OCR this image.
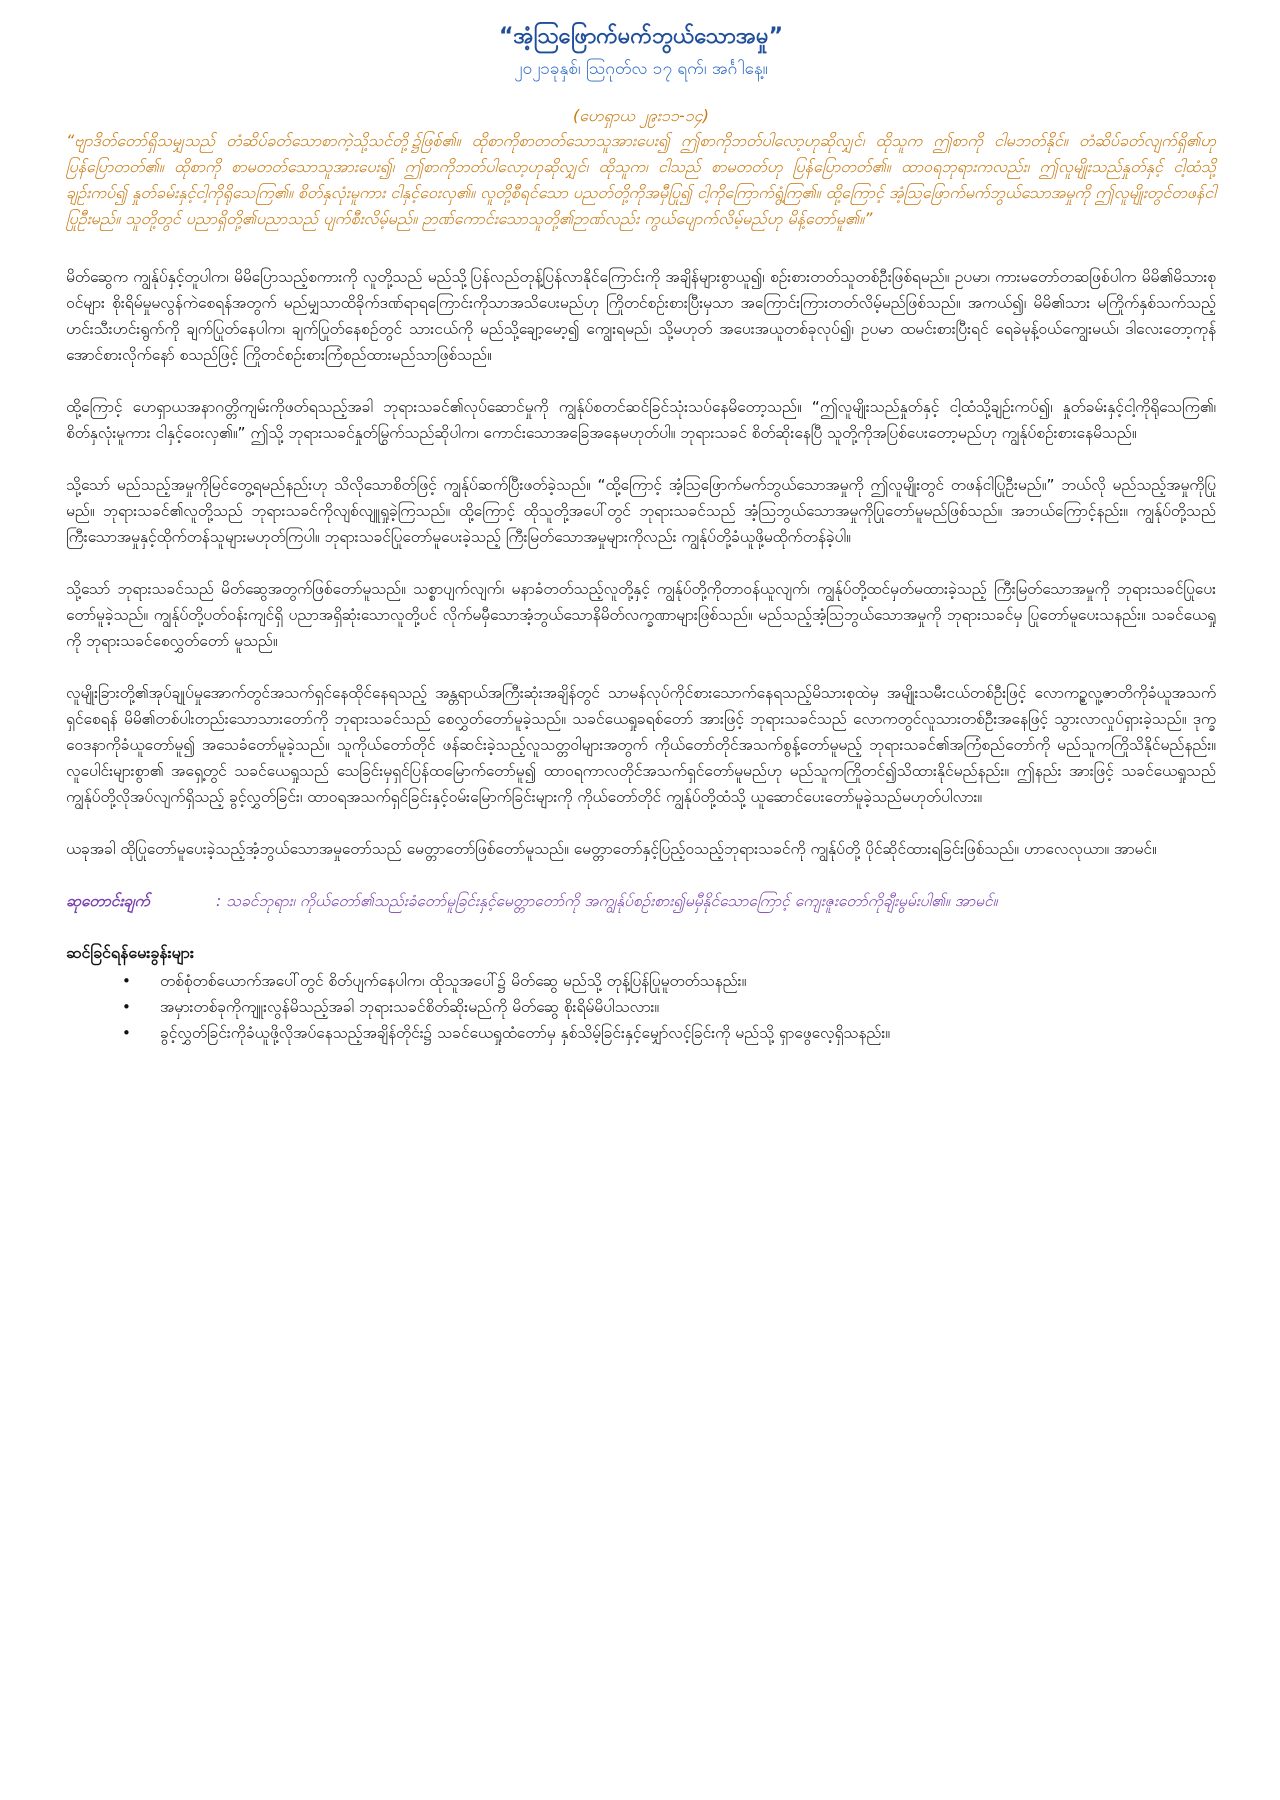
“အံ့သြဖြောက်မက်ဘွယ်သောအမှု”
၂၀၂၁ခုနှစ်၊ ဩဂုတ်လ ၁၇ ရက်၊ အင်္ဂါနေ့။
(ဟေရှာယ ၂၉း၁၁-၁၄)

“ဗျာဒိတ်တော်ရှိသမျှသည် တံဆိပ်ခတ်သောစာကဲ့သို့သင်တို့၌ဖြစ်၏။ ထိုစာကိုစာတတ်သောသူအားပေး၍ ဤစာကိုဘတ်ပါလော့ဟုဆိုလျှင်၊ ထိုသူက ဤစာကို ငါမဘတ်နိုင်။ တံဆိပ်ခတ်လျက်ရှိ၏ဟုပြန်ပြောတတ်၏။ ထိုစာကို စာမတတ်သောသူအားပေး၍၊ ဤစာကိုဘတ်ပါလော့ဟုဆိုလျှင်၊ ထိုသူက၊ ငါသည် စာမတတ်ဟု ပြန်ပြောတတ်၏။ ထာဝရဘုရားကလည်း၊ ဤလူမျိုးသည်နှုတ်နှင့် ငါ့ထံသို့ချဉ်းကပ်၍ နှုတ်ခမ်းနှင့်ငါ့ကိုရိုသေကြ၏။ စိတ်နှလုံးမူကား ငါနှင့်ဝေးလှ၏။ လူတို့စီရင်သော ပညတ်တို့ကိုအမှီပြု၍ ငါ့ကိုကြောက်ရွံ့ကြ၏။ ထို့ကြောင့် အံ့သြဖြောက်မက်ဘွယ်သောအမှုကို ဤလူမျိုးတွင်တဖန်ငါပြုဦးမည်။ သူတို့တွင် ပညာရှိတို့၏ပညာသည် ပျက်စီးလိမ့်မည်။ ဉာဏ်ကောင်းသောသူတို့၏ဉာဏ်လည်း ကွယ်ပျောက်လိမ့်မည်ဟု မိန့်တော်မူ၏။”

မိတ်ဆွေက ကျွန်ုပ်နှင့်တူပါက၊ မိမိပြောသည့်စကားကို လူတို့သည် မည်သို့ပြန်လည်တုန့်ပြန်လာနိုင်ကြောင်းကို အချိန်များစွာယူ၍၊ စဉ်းစားတတ်သူတစ်ဦးဖြစ်ရမည်။ ဥပမာ၊ ကားမတော်တဆဖြစ်ပါက မိမိ၏မိသားစုဝင်များ စိုးရိမ်မှုမလွန်ကဲစေရန်အတွက် မည်မျှသာထိခိုက်ဒဏ်ရာရကြောင်းကိုသာအသိပေးမည်ဟု ကြိုတင်စဉ်းစားပြီးမှသာ အကြောင်းကြားတတ်လိမ့်မည်ဖြစ်သည်။ အကယ်၍၊ မိမိ၏သား မကြိုက်နှစ်သက်သည့်ဟင်းသီးဟင်းရွက်ကို ချက်ပြုတ်နေပါက၊ ချက်ပြုတ်နေစဉ်တွင် သားငယ်ကို မည်သို့ချော့မော့၍ ကျွေးရမည်၊ သို့မဟုတ် အပေးအယူတစ်ခုလုပ်၍၊ ဥပမာ ထမင်းစားပြီးရင် ရေခဲမုန့်ဝယ်ကျွေးမယ်၊ ဒါလေးတော့ကုန်အောင်စားလိုက်နော် စသည်ဖြင့် ကြိုတင်စဉ်းစားကြံစည်ထားမည်သာဖြစ်သည်။

ထို့ကြောင့် ဟေရှာယအနာဂတ္တိကျမ်းကိုဖတ်ရသည့်အခါ ဘုရားသခင်၏လုပ်ဆောင်မှုကို ကျွန်ုပ်စတင်ဆင်ခြင်သုံးသပ်နေမိတော့သည်။ “ဤလူမျိုးသည်နှုတ်နှင့် ငါ့ထံသို့ချဉ်းကပ်၍၊ နှုတ်ခမ်းနှင့်ငါ့ကိုရိုသေကြ၏၊ စိတ်နှလုံးမူကား ငါနှင့်ဝေးလှ၏။” ဤသို့ ဘုရားသခင်နှုတ်မြွက်သည်ဆိုပါက၊ ကောင်းသောအခြေအနေမဟုတ်ပါ။ ဘုရားသခင် စိတ်ဆိုးနေပြီ သူတို့ကိုအပြစ်ပေးတော့မည်ဟု ကျွန်ုပ်စဉ်းစားနေမိသည်။

သို့သော် မည်သည့်အမှုကိုမြင်တွေ့ရမည်နည်းဟု သိလိုသောစိတ်ဖြင့် ကျွန်ုပ်ဆက်ပြီးဖတ်ခဲ့သည်။ “ထို့ကြောင့် အံ့သြဖြောက်မက်ဘွယ်သောအမှုကို ဤလူမျိုးတွင် တဖန်ငါပြုဦးမည်။” ဘယ်လို မည်သည့်အမှုကိုပြုမည်။ ဘုရားသခင်၏လူတို့သည် ဘုရားသခင်ကိုလျစ်လျူရှုခဲ့ကြသည်။ ထို့ကြောင့် ထိုသူတို့အပေါ်တွင် ဘုရားသခင်သည် အံ့သြဘွယ်သောအမှုကိုပြုတော်မူမည်ဖြစ်သည်။ အဘယ်ကြောင့်နည်း။ ကျွန်ုပ်တို့သည် ကြီးသောအမှုနှင့်ထိုက်တန်သူများမဟုတ်ကြပါ။ ဘုရားသခင်ပြုတော်မူပေးခဲ့သည့် ကြီးမြတ်သောအမှုများကိုလည်း ကျွန်ုပ်တို့ခံယူဖို့မထိုက်တန်ခဲ့ပါ။

သို့သော် ဘုရားသခင်သည် မိတ်ဆွေအတွက်ဖြစ်တော်မူသည်။ သစ္စာပျက်လျက်၊ မနာခံတတ်သည့်လူတို့နှင့် ကျွန်ုပ်တို့ကိုတာဝန်ယူလျက်၊ ကျွန်ုပ်တို့ထင်မှတ်မထားခဲ့သည့် ကြီးမြတ်သောအမှုကို ဘုရားသခင်ပြုပေးတော်မူခဲ့သည်။ ကျွန်ုပ်တို့ပတ်ဝန်းကျင်ရှိ ပညာအရှိဆုံးသောလူတို့ပင် လိုက်မမှီသောအံ့ဘွယ်သောနိမိတ်လက္ခဏာများဖြစ်သည်။ မည်သည့်အံ့သြဘွယ်သောအမှုကို ဘုရားသခင်မှ ပြုတော်မူပေးသနည်း။ သခင်ယေရှုကို ဘုရားသခင်စေလွှတ်တော် မူသည်။

လူမျိုးခြားတို့၏အုပ်ချုပ်မှုအောက်တွင်အသက်ရှင်နေထိုင်နေရသည့် အန္တရာယ်အကြီးဆုံးအချိန်တွင် သာမန်လုပ်ကိုင်စားသောက်နေရသည့်မိသားစုထဲမှ အမျိုးသမီးငယ်တစ်ဦးဖြင့် လောကဥ္စလူ့ဇာတိကိုခံယူအသက်ရှင်စေရန် မိမိ၏တစ်ပါးတည်းသောသားတော်ကို ဘုရားသခင်သည် စေလွှတ်တော်မူခဲ့သည်။ သခင်ယေရှုခရစ်တော် အားဖြင့် ဘုရားသခင်သည် လောကတွင်လူသားတစ်ဦးအနေဖြင့် သွားလာလှုပ်ရှားခဲ့သည်။ ဒုက္ခဝေဒနာကိုခံယူတော်မူ၍ အသေခံတော်မူခဲ့သည်။ သူကိုယ်တော်တိုင် ဖန်ဆင်းခဲ့သည့်လူသတ္တဝါများအတွက် ကိုယ်တော်တိုင်အသက်စွန့်တော်မူမည့် ဘုရားသခင်၏အကြံစည်တော်ကို မည်သူကကြိုသိနိုင်မည်နည်း။ လူပေါင်းများစွာ၏ အရှေ့တွင် သခင်ယေရှုသည် သေခြင်းမှရှင်ပြန်ထမြောက်တော်မူ၍ ထာဝရကာလတိုင်အသက်ရှင်တော်မူမည်ဟု မည်သူကကြိုတင်၍သိထားနိုင်မည်နည်း။ ဤနည်း အားဖြင့် သခင်ယေရှုသည် ကျွန်ုပ်တို့လိုအပ်လျက်ရှိသည့် ခွင့်လွှတ်ခြင်း၊ ထာဝရအသက်ရှင်ခြင်းနှင့်ဝမ်းမြောက်ခြင်းများကို ကိုယ်တော်တိုင် ကျွန်ုပ်တို့ထံသို့ ယူဆောင်ပေးတော်မူခဲ့သည်မဟုတ်ပါလား။

ယခုအခါ ထိုပြုတော်မူပေးခဲ့သည့်အံ့ဘွယ်သောအမှုတော်သည် မေတ္တာတော်ဖြစ်တော်မူသည်။ မေတ္တာတော်နှင့်ပြည့်ဝသည့်ဘုရားသခင်ကို ကျွန်ုပ်တို့ ပိုင်ဆိုင်ထားရခြင်းဖြစ်သည်။ ဟာလေလုယာ။ အာမင်။

ဆုတောင်းချက်	: သခင်ဘုရား၊ ကိုယ်တော်၏သည်းခံတော်မူခြင်းနှင့်မေတ္တာတော်ကို အကျွန်ုပ်စဉ်းစား၍မမှီနိုင်သောကြောင့် ကျေးဇူးတော်ကိုချီးမွမ်းပါ၏။ အာမင်။
ဆင်ခြင်ရန်မေးခွန်းများ
• တစ်စုံတစ်ယောက်အပေါ်တွင် စိတ်ပျက်နေပါက၊ ထိုသူအပေါ်၌ မိတ်ဆွေ မည်သို့ တုန့်ပြန်ပြုမူတတ်သနည်း။
• အမှားတစ်ခုကိုကျူးလွန်မိသည့်အခါ ဘုရားသခင်စိတ်ဆိုးမည်ကို မိတ်ဆွေ စိုးရိမ်မိပါသလား။
• ခွင့်လွှတ်ခြင်းကိုခံယူဖို့လိုအပ်နေသည့်အချိန်တိုင်း၌ သခင်ယေရှုထံတော်မှ နှစ်သိမ့်ခြင်းနှင့်မျှော်လင့်ခြင်းကို မည်သို့ ရှာဖွေလေ့ရှိသနည်း။
